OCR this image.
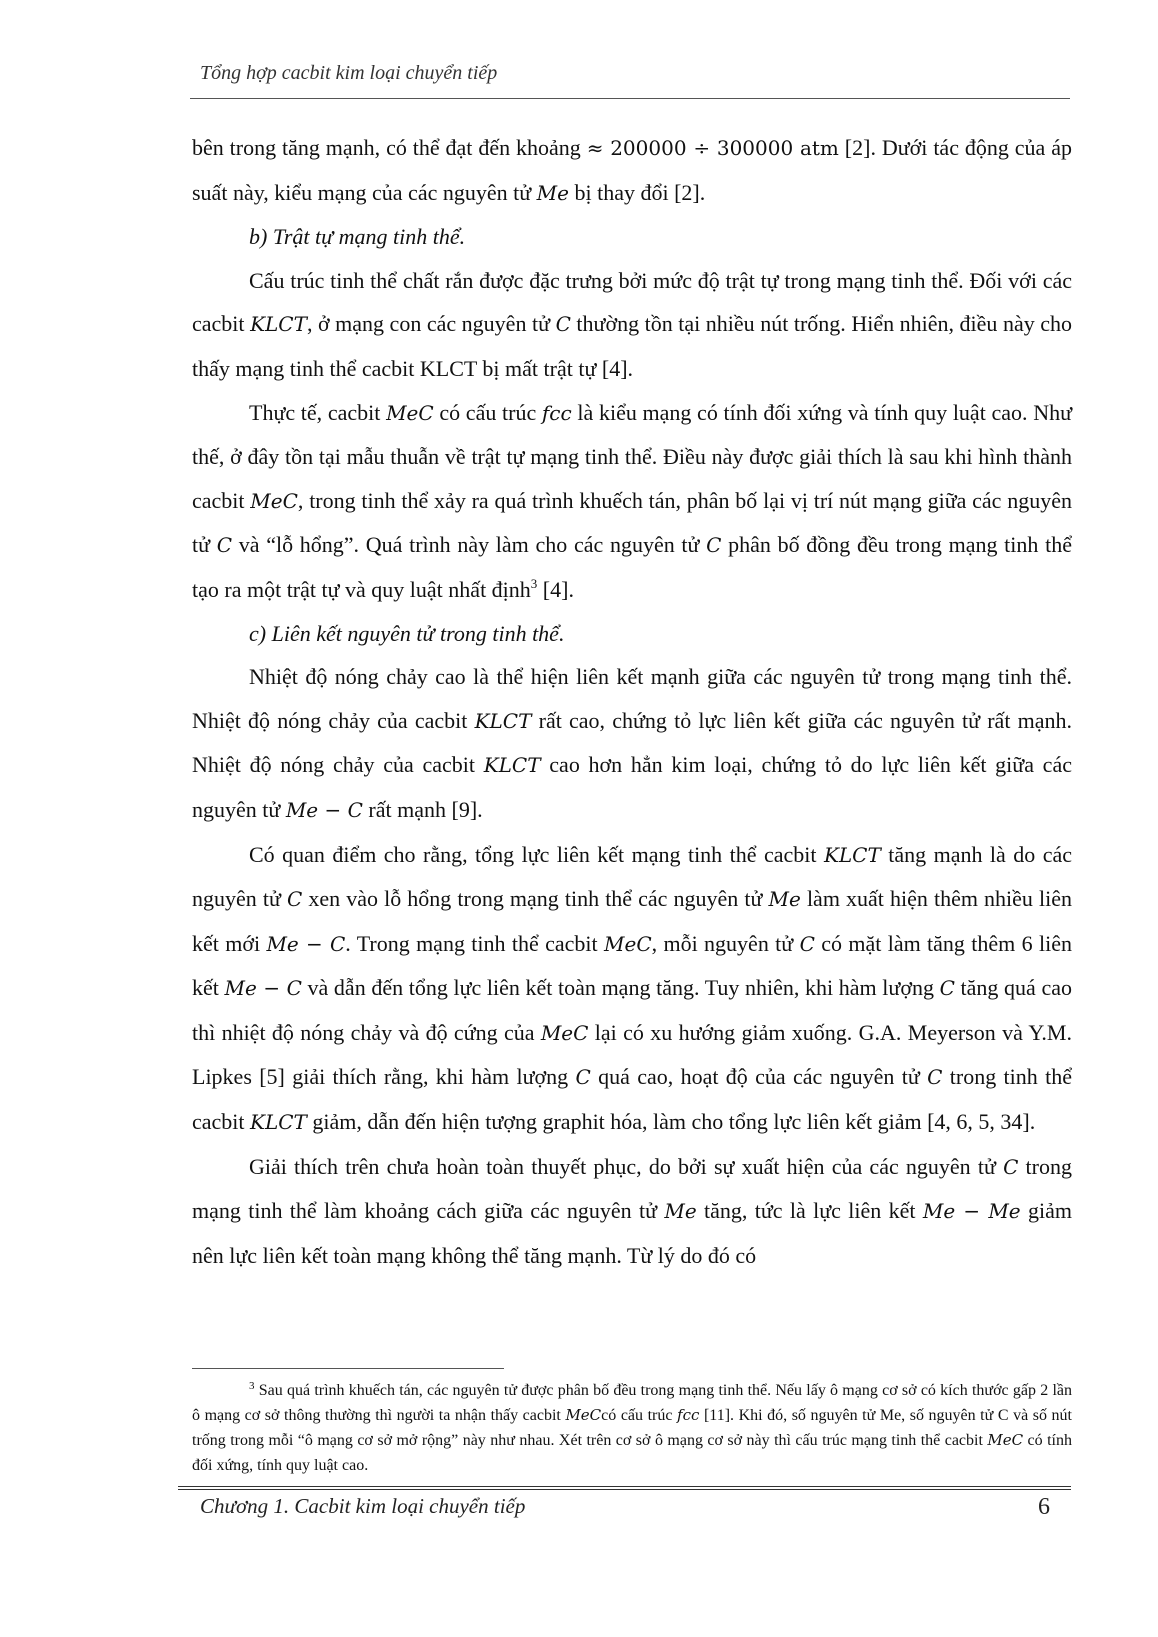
Tổng hợp cacbit kim loại chuyển tiếp

bên trong tăng mạnh, có thể đạt đến khoảng ≈ 200000 ÷ 300000 atm [2]. Dưới tác động của áp suất này, kiểu mạng của các nguyên tử Me bị thay đổi [2].

b) Trật tự mạng tinh thể.

Cấu trúc tinh thể chất rắn được đặc trưng bởi mức độ trật tự trong mạng tinh thể. Đối với các cacbit KLCT, ở mạng con các nguyên tử C thường tồn tại nhiều nút trống. Hiển nhiên, điều này cho thấy mạng tinh thể cacbit KLCT bị mất trật tự [4].

Thực tế, cacbit MeC có cấu trúc fcc là kiểu mạng có tính đối xứng và tính quy luật cao. Như thế, ở đây tồn tại mẫu thuẫn về trật tự mạng tinh thể. Điều này được giải thích là sau khi hình thành cacbit MeC, trong tinh thể xảy ra quá trình khuếch tán, phân bố lại vị trí nút mạng giữa các nguyên tử C và “lỗ hổng”. Quá trình này làm cho các nguyên tử C phân bố đồng đều trong mạng tinh thể tạo ra một trật tự và quy luật nhất định$^3$ [4].

c) Liên kết nguyên tử trong tinh thể.

Nhiệt độ nóng chảy cao là thể hiện liên kết mạnh giữa các nguyên tử trong mạng tinh thể. Nhiệt độ nóng chảy của cacbit KLCT rất cao, chứng tỏ lực liên kết giữa các nguyên tử rất mạnh. Nhiệt độ nóng chảy của cacbit KLCT cao hơn hẳn kim loại, chứng tỏ do lực liên kết giữa các nguyên tử Me − C rất mạnh [9].

Có quan điểm cho rằng, tổng lực liên kết mạng tinh thể cacbit KLCT tăng mạnh là do các nguyên tử C xen vào lỗ hổng trong mạng tinh thể các nguyên tử Me làm xuất hiện thêm nhiều liên kết mới Me − C. Trong mạng tinh thể cacbit MeC, mỗi nguyên tử C có mặt làm tăng thêm 6 liên kết Me − C và dẫn đến tổng lực liên kết toàn mạng tăng. Tuy nhiên, khi hàm lượng C tăng quá cao thì nhiệt độ nóng chảy và độ cứng của MeC lại có xu hướng giảm xuống. G.A. Meyerson và Y.M. Lipkes [5] giải thích rằng, khi hàm lượng C quá cao, hoạt độ của các nguyên tử C trong tinh thể cacbit KLCT giảm, dẫn đến hiện tượng graphit hóa, làm cho tổng lực liên kết giảm [4, 6, 5, 34].

Giải thích trên chưa hoàn toàn thuyết phục, do bởi sự xuất hiện của các nguyên tử C trong mạng tinh thể làm khoảng cách giữa các nguyên tử Me tăng, tức là lực liên kết Me − Me giảm nên lực liên kết toàn mạng không thể tăng mạnh. Từ lý do đó có

$^3$ Sau quá trình khuếch tán, các nguyên tử được phân bố đều trong mạng tinh thể. Nếu lấy ô mạng cơ sở có kích thước gấp 2 lần ô mạng cơ sở thông thường thì người ta nhận thấy cacbit MeCcó cấu trúc fcc [11]. Khi đó, số nguyên tử Me, số nguyên tử C và số nút trống trong mỗi “ô mạng cơ sở mở rộng” này như nhau. Xét trên cơ sở ô mạng cơ sở này thì cấu trúc mạng tinh thể cacbit MeC có tính đối xứng, tính quy luật cao.
Chương 1. Cacbit kim loại chuyển tiếp	6
